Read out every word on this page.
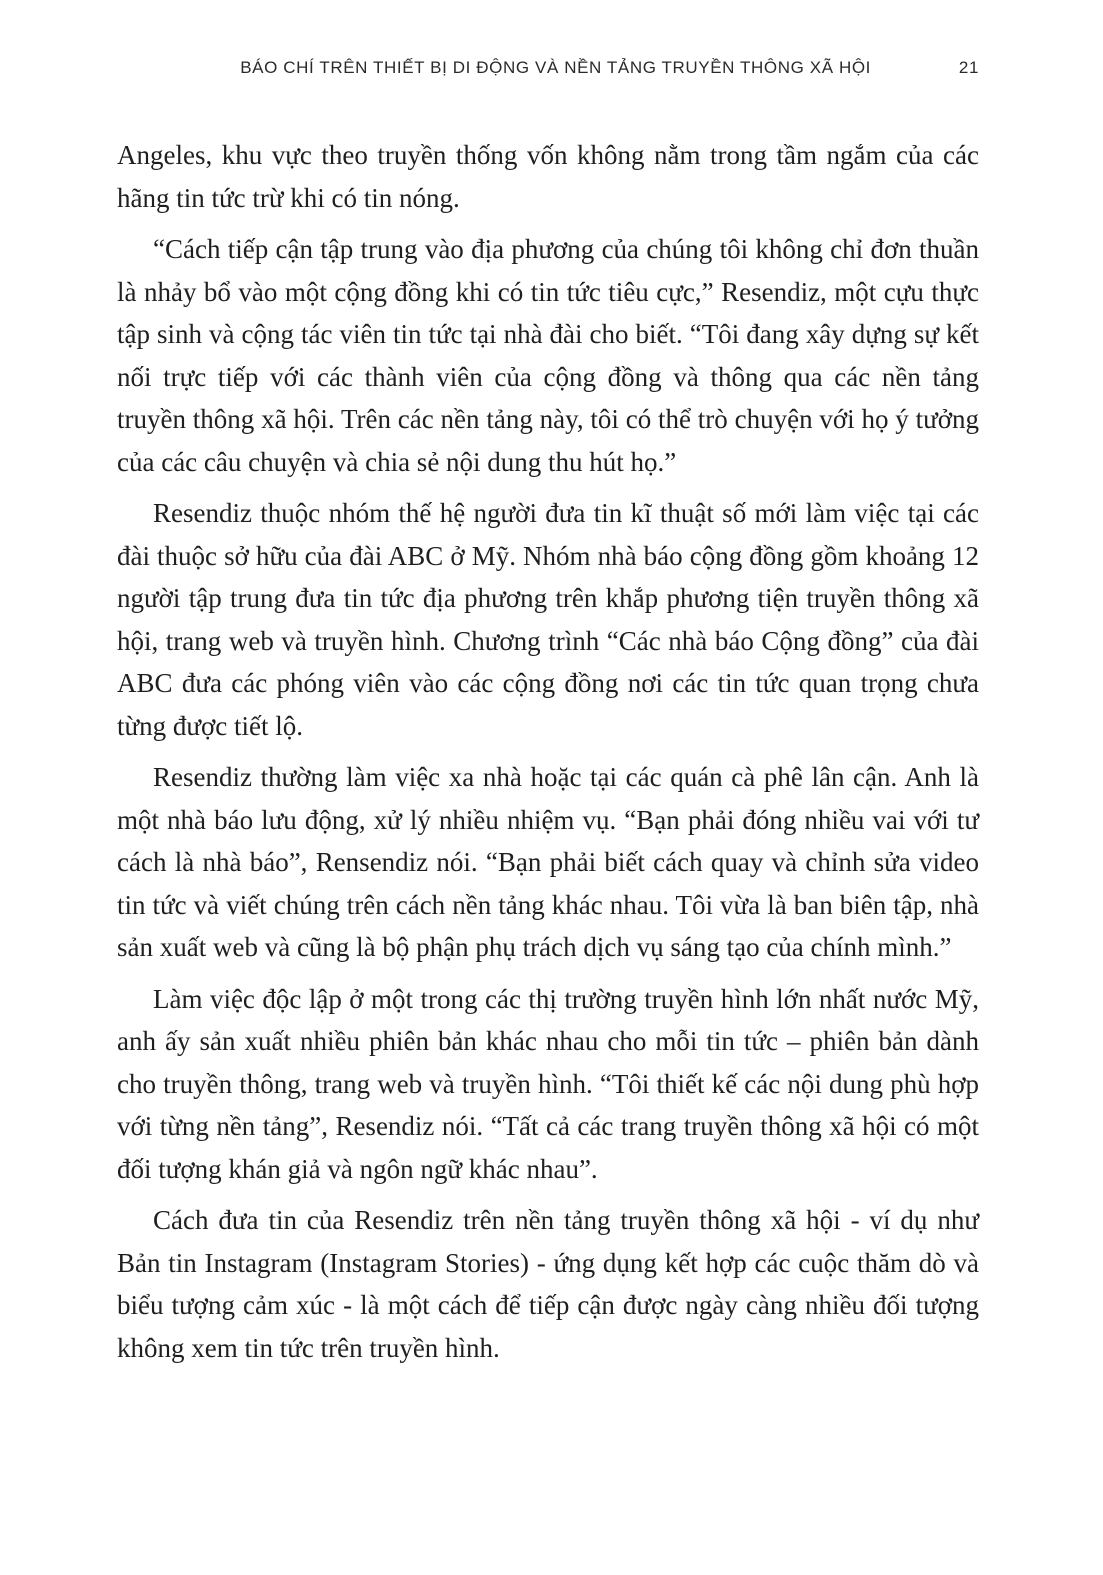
BÁO CHÍ TRÊN THIẾT BỊ DI ĐỘNG VÀ NỀN TẢNG TRUYỀN THÔNG XÃ HỘI	21

Angeles, khu vực theo truyền thống vốn không nằm trong tầm ngắm của các hãng tin tức trừ khi có tin nóng.

“Cách tiếp cận tập trung vào địa phương của chúng tôi không chỉ đơn thuần là nhảy bổ vào một cộng đồng khi có tin tức tiêu cực,” Resendiz, một cựu thực tập sinh và cộng tác viên tin tức tại nhà đài cho biết. “Tôi đang xây dựng sự kết nối trực tiếp với các thành viên của cộng đồng và thông qua các nền tảng truyền thông xã hội. Trên các nền tảng này, tôi có thể trò chuyện với họ ý tưởng của các câu chuyện và chia sẻ nội dung thu hút họ.”

Resendiz thuộc nhóm thế hệ người đưa tin kĩ thuật số mới làm việc tại các đài thuộc sở hữu của đài ABC ở Mỹ. Nhóm nhà báo cộng đồng gồm khoảng 12 người tập trung đưa tin tức địa phương trên khắp phương tiện truyền thông xã hội, trang web và truyền hình. Chương trình “Các nhà báo Cộng đồng” của đài ABC đưa các phóng viên vào các cộng đồng nơi các tin tức quan trọng chưa từng được tiết lộ.

Resendiz thường làm việc xa nhà hoặc tại các quán cà phê lân cận. Anh là một nhà báo lưu động, xử lý nhiều nhiệm vụ. “Bạn phải đóng nhiều vai với tư cách là nhà báo”, Rensendiz nói. “Bạn phải biết cách quay và chỉnh sửa video tin tức và viết chúng trên cách nền tảng khác nhau. Tôi vừa là ban biên tập, nhà sản xuất web và cũng là bộ phận phụ trách dịch vụ sáng tạo của chính mình.”

Làm việc độc lập ở một trong các thị trường truyền hình lớn nhất nước Mỹ, anh ấy sản xuất nhiều phiên bản khác nhau cho mỗi tin tức – phiên bản dành cho truyền thông, trang web và truyền hình. “Tôi thiết kế các nội dung phù hợp với từng nền tảng”, Resendiz nói. “Tất cả các trang truyền thông xã hội có một đối tượng khán giả và ngôn ngữ khác nhau”.

Cách đưa tin của Resendiz trên nền tảng truyền thông xã hội - ví dụ như Bản tin Instagram (Instagram Stories) - ứng dụng kết hợp các cuộc thăm dò và biểu tượng cảm xúc - là một cách để tiếp cận được ngày càng nhiều đối tượng không xem tin tức trên truyền hình.
